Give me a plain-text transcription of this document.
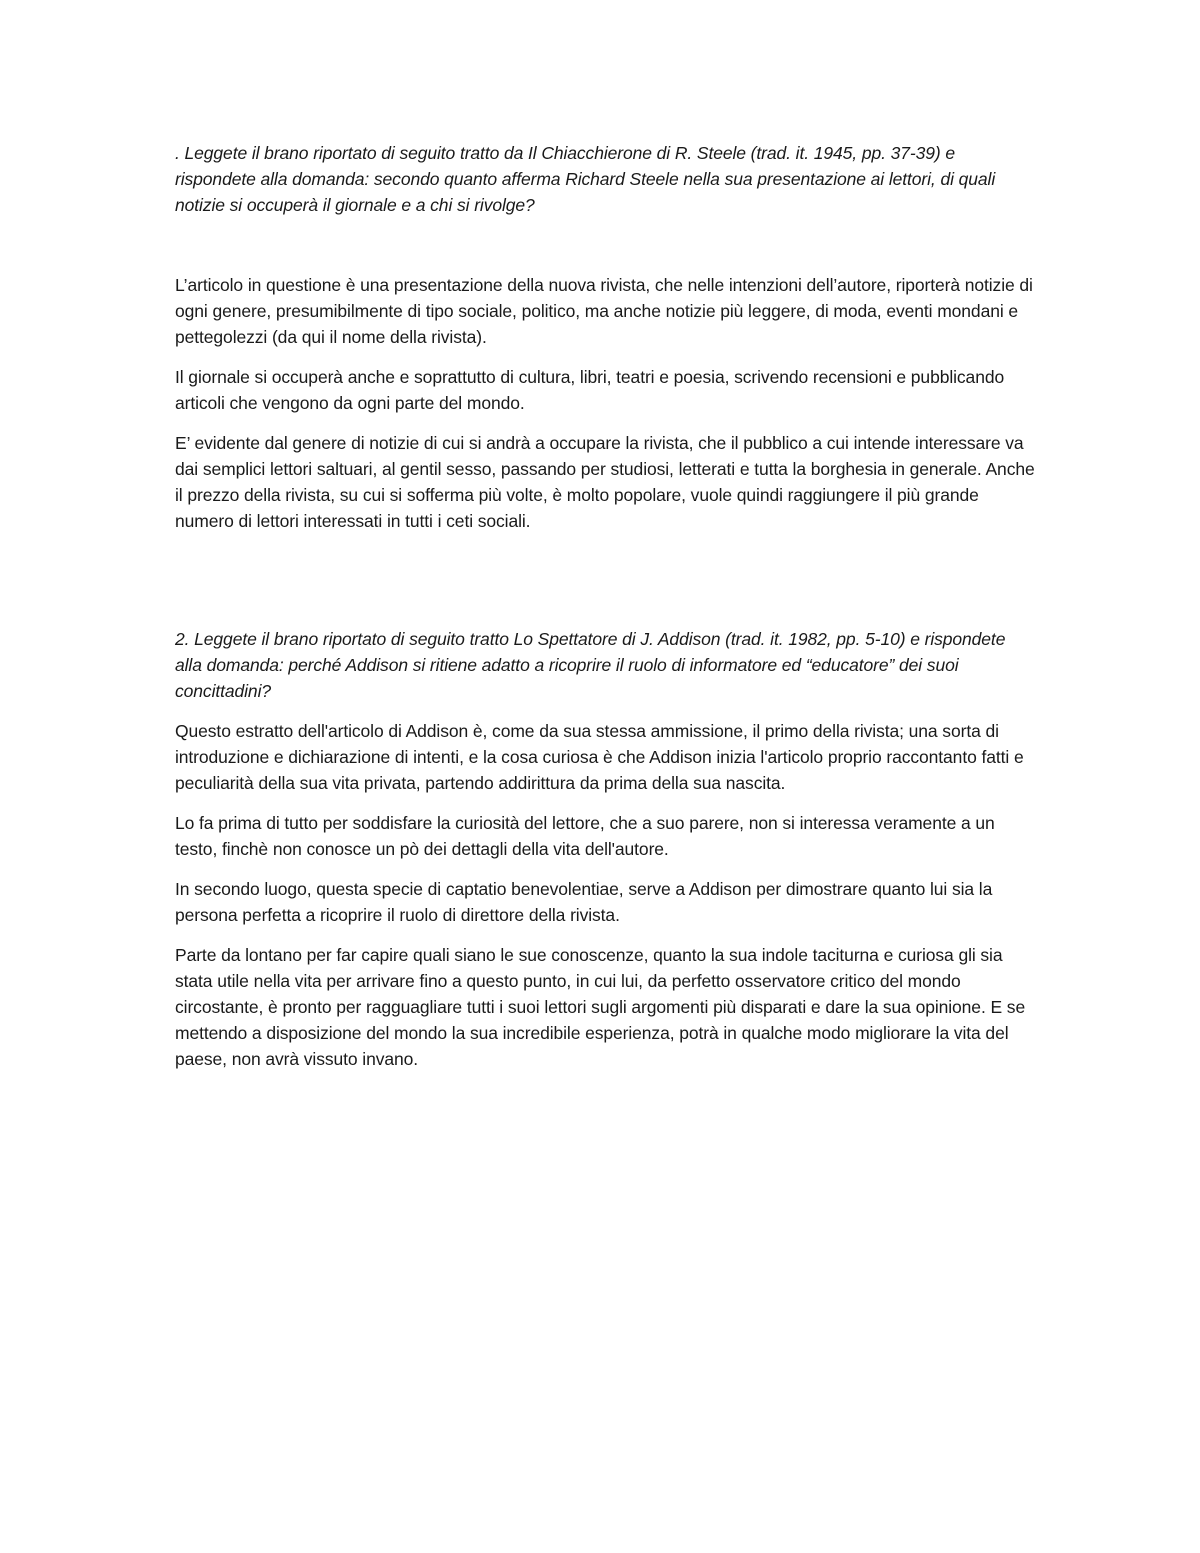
. Leggete il brano riportato di seguito tratto da Il Chiacchierone di R. Steele (trad. it. 1945, pp. 37-39) e rispondete alla domanda: secondo quanto afferma Richard Steele nella sua presentazione ai lettori, di quali notizie si occuperà il giornale e a chi si rivolge?

L’articolo in questione è una presentazione della nuova rivista, che nelle intenzioni dell’autore, riporterà notizie di ogni genere, presumibilmente di tipo sociale, politico, ma anche notizie più leggere, di moda, eventi mondani e pettegolezzi (da qui il nome della rivista).

Il giornale si occuperà anche e soprattutto di cultura, libri, teatri e poesia, scrivendo recensioni e pubblicando articoli che vengono da ogni parte del mondo.

E’ evidente dal genere di notizie di cui si andrà a occupare la rivista, che il pubblico a cui intende interessare va dai semplici lettori saltuari, al gentil sesso, passando per studiosi, letterati e tutta la borghesia in generale. Anche il prezzo della rivista, su cui si sofferma più volte, è molto popolare, vuole quindi raggiungere il più grande numero di lettori interessati in tutti i ceti sociali.

2. Leggete il brano riportato di seguito tratto Lo Spettatore di J. Addison (trad. it. 1982, pp. 5-10) e rispondete alla domanda: perché Addison si ritiene adatto a ricoprire il ruolo di informatore ed “educatore” dei suoi concittadini?

Questo estratto dell'articolo di Addison è, come da sua stessa ammissione, il primo della rivista; una sorta di introduzione e dichiarazione di intenti, e la cosa curiosa è che Addison inizia l'articolo proprio raccontanto fatti e peculiarità della sua vita privata, partendo addirittura da prima della sua nascita.

Lo fa prima di tutto per soddisfare la curiosità del lettore, che a suo parere, non si interessa veramente a un testo, finchè non conosce un pò dei dettagli della vita dell'autore.

In secondo luogo, questa specie di captatio benevolentiae, serve a Addison per dimostrare quanto lui sia la persona perfetta a ricoprire il ruolo di direttore della rivista.

Parte da lontano per far capire quali siano le sue conoscenze, quanto la sua indole taciturna e curiosa gli sia stata utile nella vita per arrivare fino a questo punto, in cui lui, da perfetto osservatore critico del mondo circostante, è pronto per ragguagliare tutti i suoi lettori sugli argomenti più disparati e dare la sua opinione. E se mettendo a disposizione del mondo la sua incredibile esperienza, potrà in qualche modo migliorare la vita del paese, non avrà vissuto invano.
